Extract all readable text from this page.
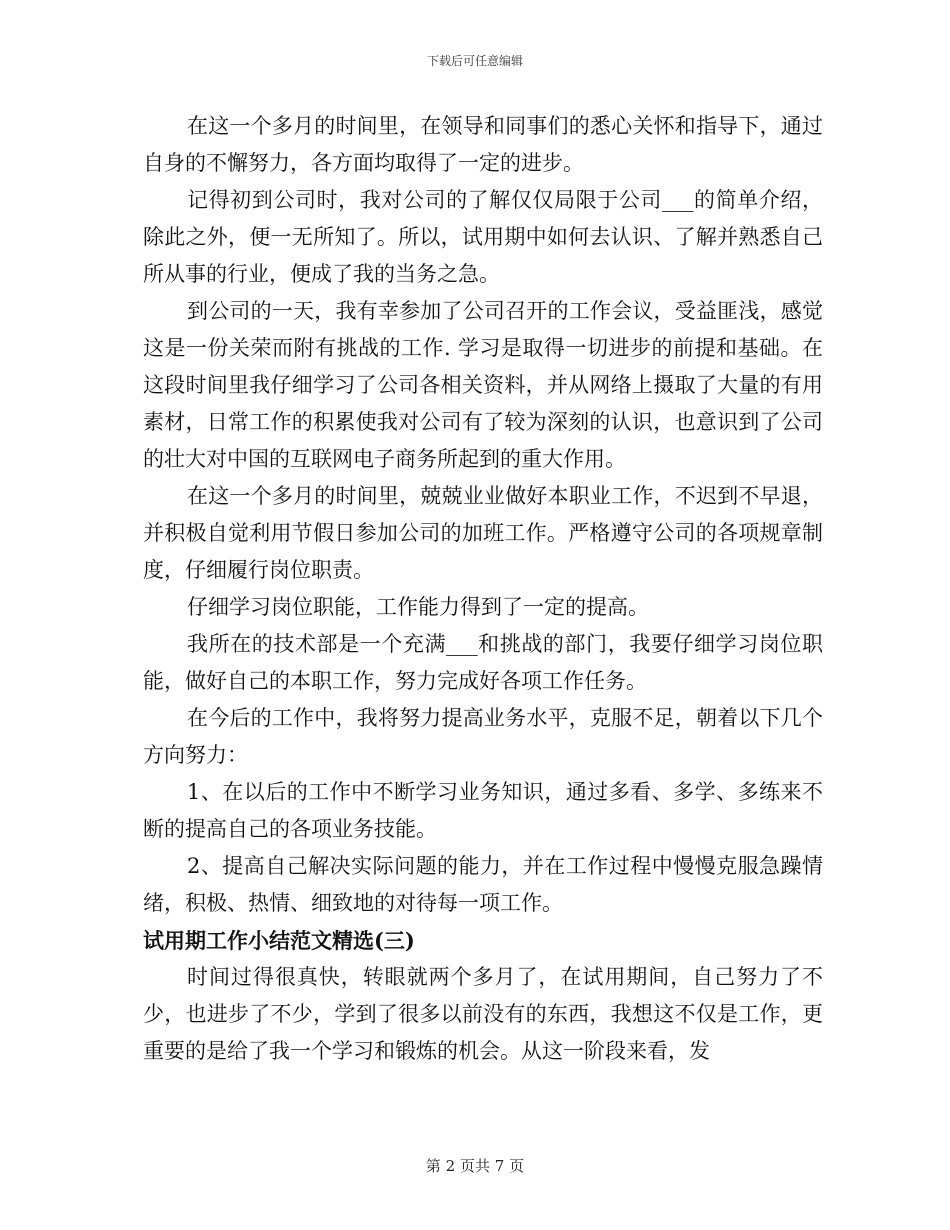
下载后可任意编辑

在这一个多月的时间里，在领导和同事们的悉心关怀和指导下，通过自身的不懈努力，各方面均取得了一定的进步。

记得初到公司时，我对公司的了解仅仅局限于公司___的简单介绍，除此之外，便一无所知了。所以，试用期中如何去认识、了解并熟悉自己所从事的行业，便成了我的当务之急。

到公司的一天，我有幸参加了公司召开的工作会议，受益匪浅，感觉这是一份关荣而附有挑战的工作. 学习是取得一切进步的前提和基础。在这段时间里我仔细学习了公司各相关资料，并从网络上摄取了大量的有用素材，日常工作的积累使我对公司有了较为深刻的认识，也意识到了公司的壮大对中国的互联网电子商务所起到的重大作用。

在这一个多月的时间里，兢兢业业做好本职业工作，不迟到不早退，并积极自觉利用节假日参加公司的加班工作。严格遵守公司的各项规章制度，仔细履行岗位职责。

仔细学习岗位职能，工作能力得到了一定的提高。

我所在的技术部是一个充满___和挑战的部门，我要仔细学习岗位职能，做好自己的本职工作，努力完成好各项工作任务。

在今后的工作中，我将努力提高业务水平，克服不足，朝着以下几个方向努力：

1、在以后的工作中不断学习业务知识，通过多看、多学、多练来不断的提高自己的各项业务技能。

2、提高自己解决实际问题的能力，并在工作过程中慢慢克服急躁情绪，积极、热情、细致地的对待每一项工作。

试用期工作小结范文精选(三)

时间过得很真快，转眼就两个多月了，在试用期间，自己努力了不少，也进步了不少，学到了很多以前没有的东西，我想这不仅是工作，更重要的是给了我一个学习和锻炼的机会。从这一阶段来看，发

第 2 页共 7 页
